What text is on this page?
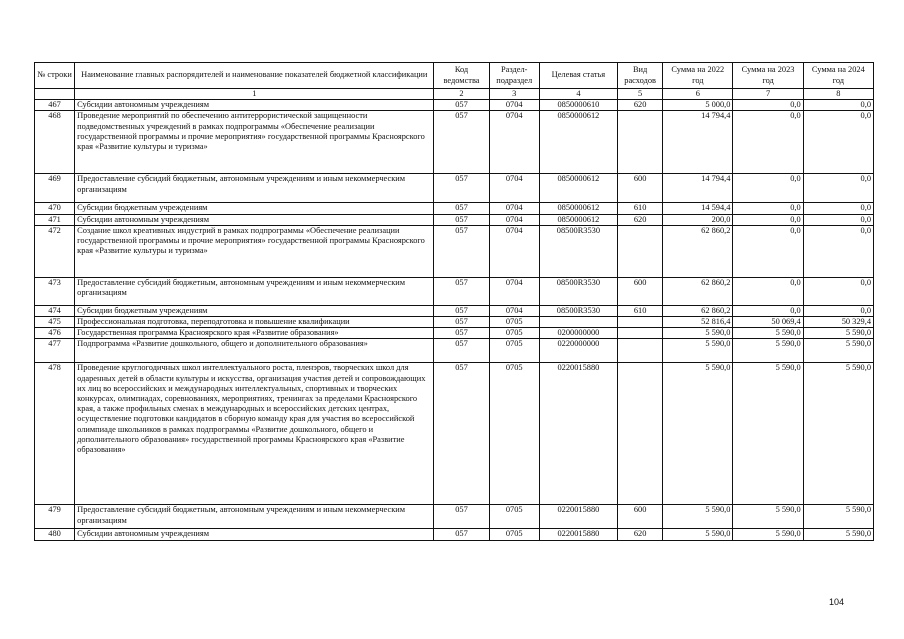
№ строки	Наименование главных распорядителей и наименование показателей бюджетной классификации	Код ведомства	Раздел-подраздел	Целевая статья	Вид расходов	Сумма на 2022 год	Сумма на 2023 год	Сумма на 2024 год
	1	2	3	4	5	6	7	8
467	Субсидии автономным учреждениям	057	0704	0850000610	620	5 000,0	0,0	0,0
468	Проведение мероприятий по обеспечению антитеррористической защищенности подведомственных учреждений в рамках подпрограммы «Обеспечение реализации государственной программы и прочие мероприятия» государственной программы Красноярского края «Развитие культуры и туризма»	057	0704	0850000612		14 794,4	0,0	0,0
469	Предоставление субсидий бюджетным, автономным учреждениям и иным некоммерческим организациям	057	0704	0850000612	600	14 794,4	0,0	0,0
470	Субсидии бюджетным учреждениям	057	0704	0850000612	610	14 594,4	0,0	0,0
471	Субсидии автономным учреждениям	057	0704	0850000612	620	200,0	0,0	0,0
472	Создание школ креативных индустрий в рамках подпрограммы «Обеспечение реализации государственной программы и прочие мероприятия» государственной программы Красноярского края «Развитие культуры и туризма»	057	0704	08500R3530		62 860,2	0,0	0,0
473	Предоставление субсидий бюджетным, автономным учреждениям и иным некоммерческим организациям	057	0704	08500R3530	600	62 860,2	0,0	0,0
474	Субсидии бюджетным учреждениям	057	0704	08500R3530	610	62 860,2	0,0	0,0
475	Профессиональная подготовка, переподготовка и повышение квалификации	057	0705			52 816,4	50 069,4	50 329,4
476	Государственная программа Красноярского края «Развитие образования»	057	0705	0200000000		5 590,0	5 590,0	5 590,0
477	Подпрограмма «Развитие дошкольного, общего и дополнительного образования»	057	0705	0220000000		5 590,0	5 590,0	5 590,0
478	Проведение круглогодичных школ интеллектуального роста, пленэров, творческих школ для одаренных детей в области культуры и искусства, организация участия детей и сопровождающих их лиц во всероссийских и международных интеллектуальных, спортивных и творческих конкурсах, олимпиадах, соревнованиях, мероприятиях, тренингах за пределами Красноярского края, а также профильных сменах в международных и всероссийских детских центрах, осуществление подготовки кандидатов в сборную команду края для участия во всероссийской олимпиаде школьников в рамках подпрограммы «Развитие дошкольного, общего и дополнительного образования» государственной программы Красноярского края «Развитие образования»	057	0705	0220015880		5 590,0	5 590,0	5 590,0
479	Предоставление субсидий бюджетным, автономным учреждениям и иным некоммерческим организациям	057	0705	0220015880	600	5 590,0	5 590,0	5 590,0
480	Субсидии автономным учреждениям	057	0705	0220015880	620	5 590,0	5 590,0	5 590,0
104
